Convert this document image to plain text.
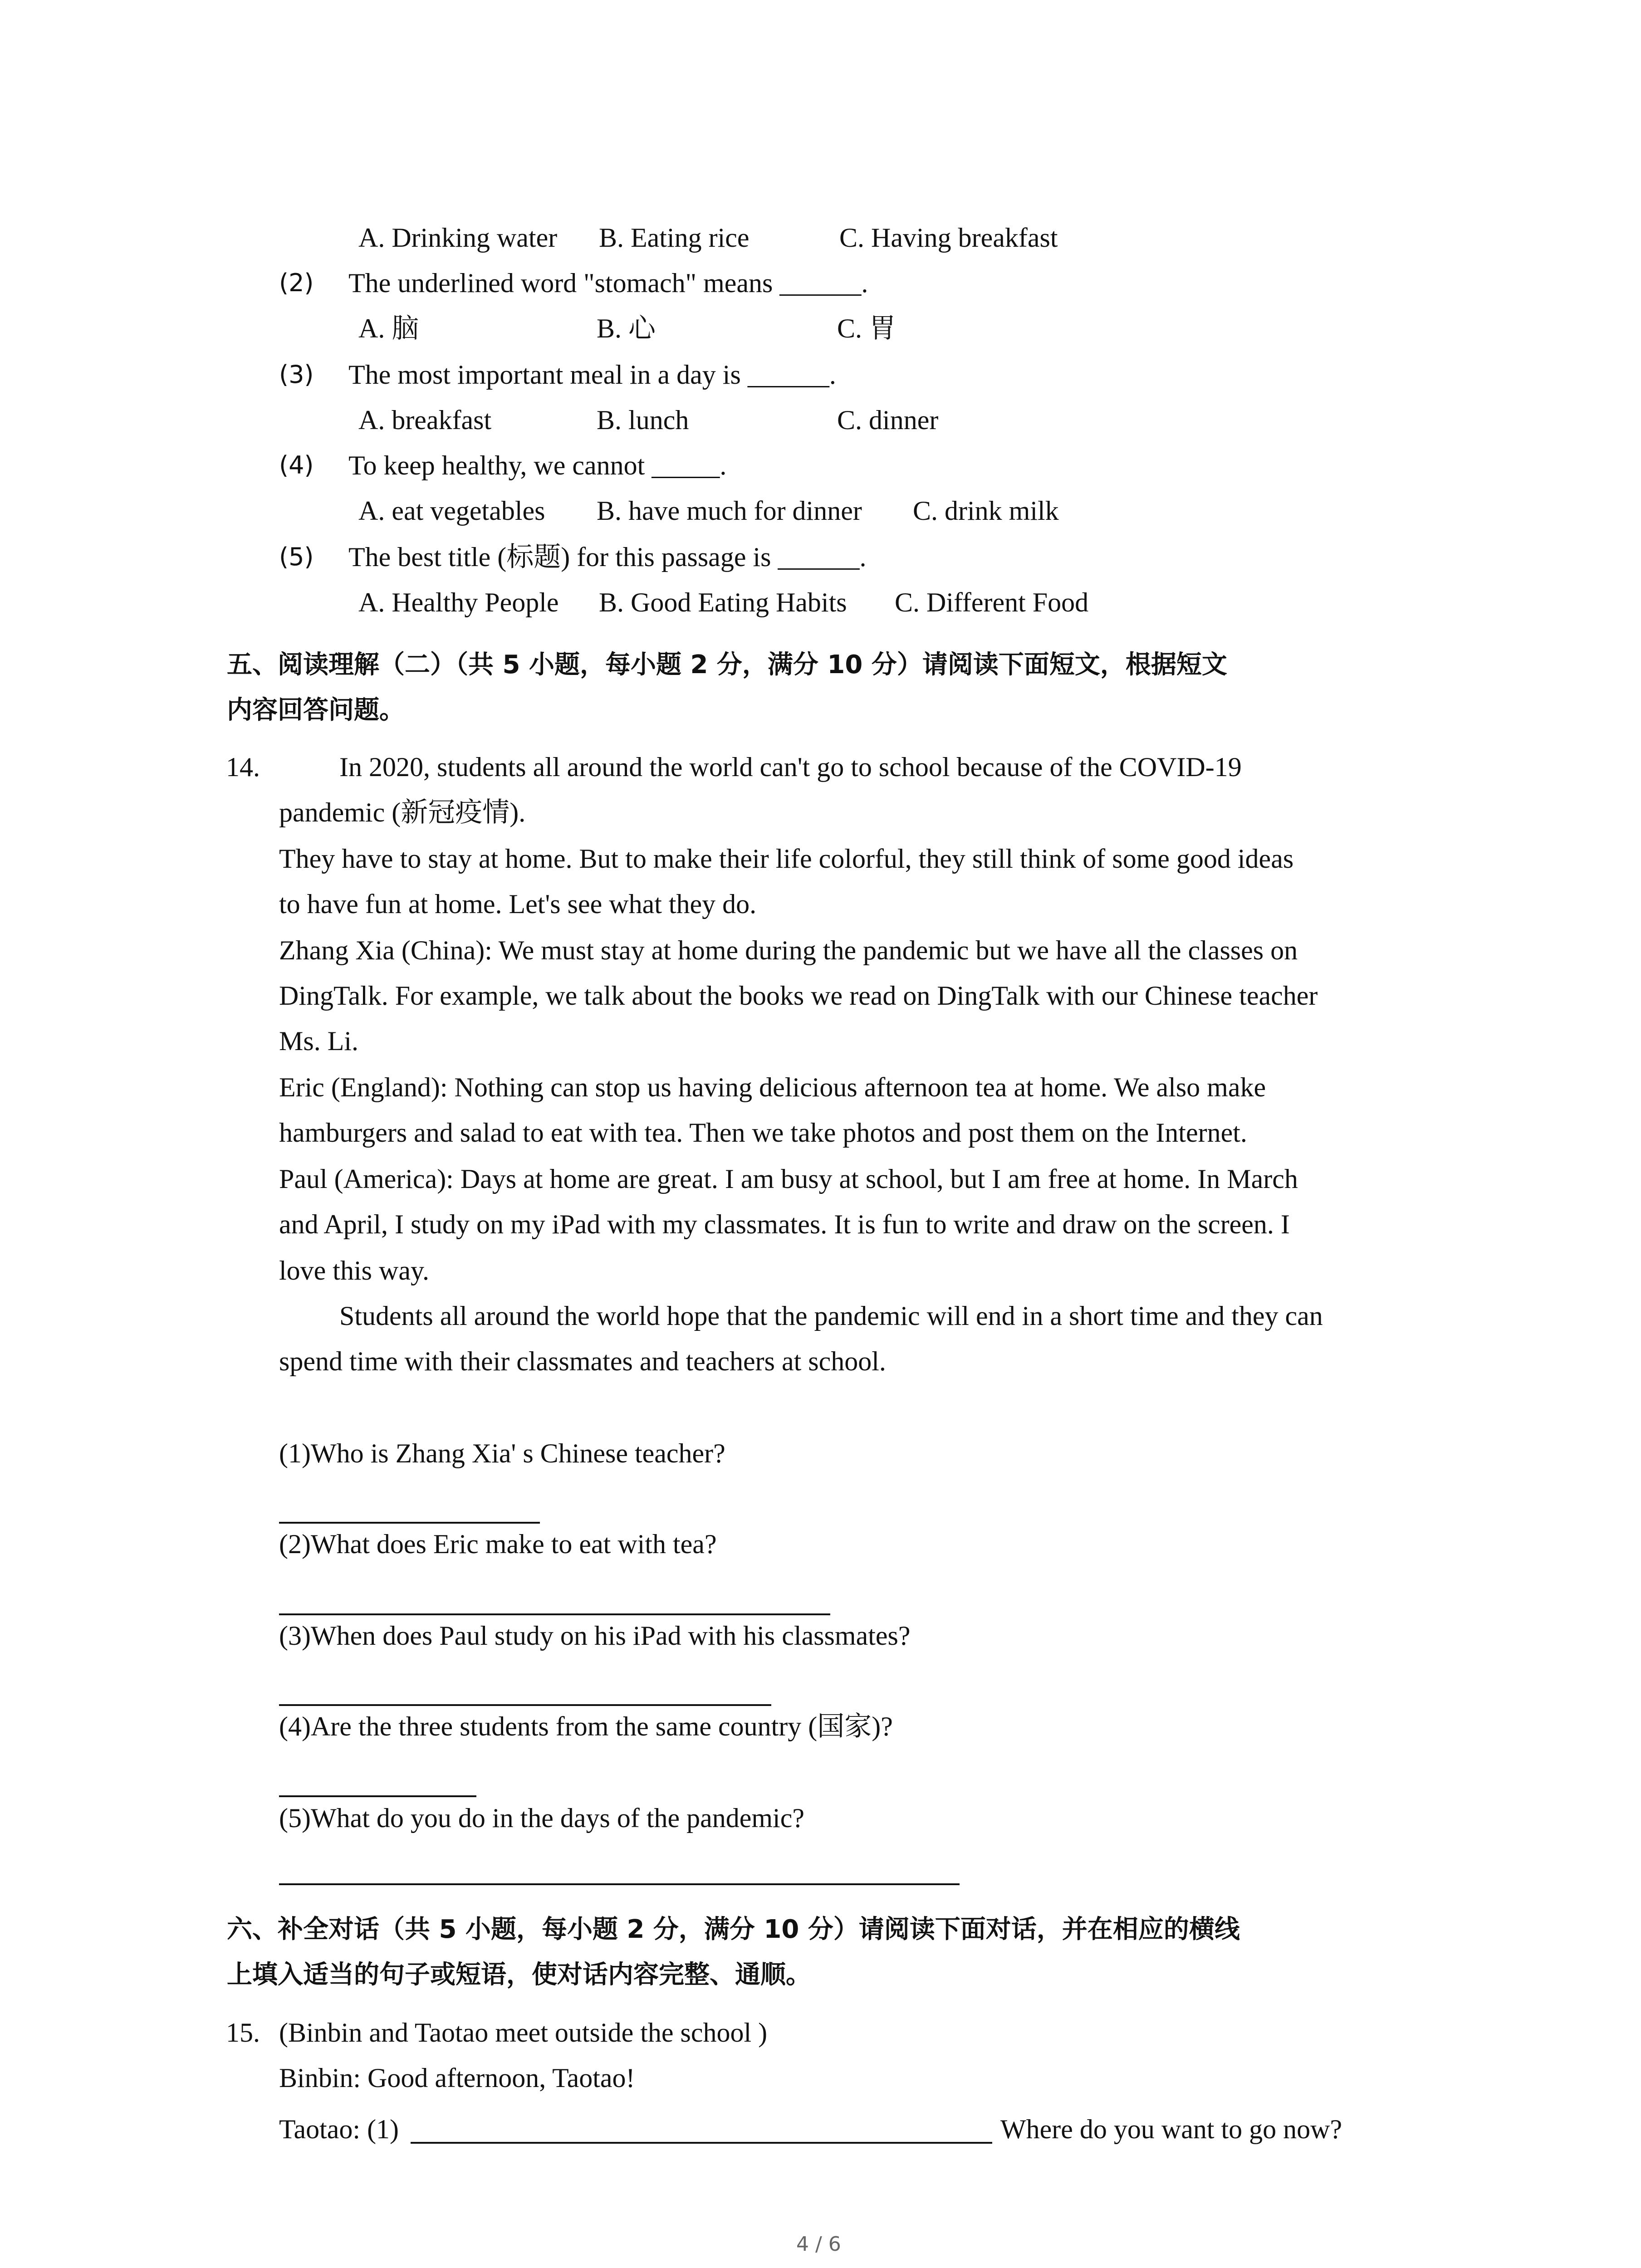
A. Drinking water B. Eating rice	C. Having breakfast
(2) The underlined word "stomach" means ______.
A. 脑	B. 心	C. 胃
(3) The most important meal in a day is ______.
A. breakfast	B. lunch	C. dinner
(4) To keep healthy, we cannot _____.
A. eat vegetables B. have much for dinner C. drink milk
(5) The best title (标题) for this passage is ______.
A. Healthy People B. Good Eating Habits C. Different Food
五、阅读理解（二）（共 5 小题，每小题 2 分，满分 10 分）请阅读下面短文，根据短文
内容回答问题。
14.	In 2020, students all around the world can't go to school because of the COVID-19
pandemic (新冠疫情).
They have to stay at home. But to make their life colorful, they still think of some good ideas
to have fun at home. Let's see what they do.
Zhang Xia (China): We must stay at home during the pandemic but we have all the classes on
DingTalk. For example, we talk about the books we read on DingTalk with our Chinese teacher
Ms. Li.
Eric (England): Nothing can stop us having delicious afternoon tea at home. We also make
hamburgers and salad to eat with tea. Then we take photos and post them on the Internet.
Paul (America): Days at home are great. I am busy at school, but I am free at home. In March
and April, I study on my iPad with my classmates. It is fun to write and draw on the screen. I
love this way.
Students all around the world hope that the pandemic will end in a short time and they can
spend time with their classmates and teachers at school.
(1)Who is Zhang Xia' s Chinese teacher?
(2)What does Eric make to eat with tea?
(3)When does Paul study on his iPad with his classmates?
(4)Are the three students from the same country (国家)?
(5)What do you do in the days of the pandemic?
六、补全对话（共 5 小题，每小题 2 分，满分 10 分）请阅读下面对话，并在相应的横线
上填入适当的句子或短语，使对话内容完整、通顺。
15. (Binbin and Taotao meet outside the school )
Binbin: Good afternoon, Taotao!
Taotao: (1)	Where do you want to go now?
4 / 6
